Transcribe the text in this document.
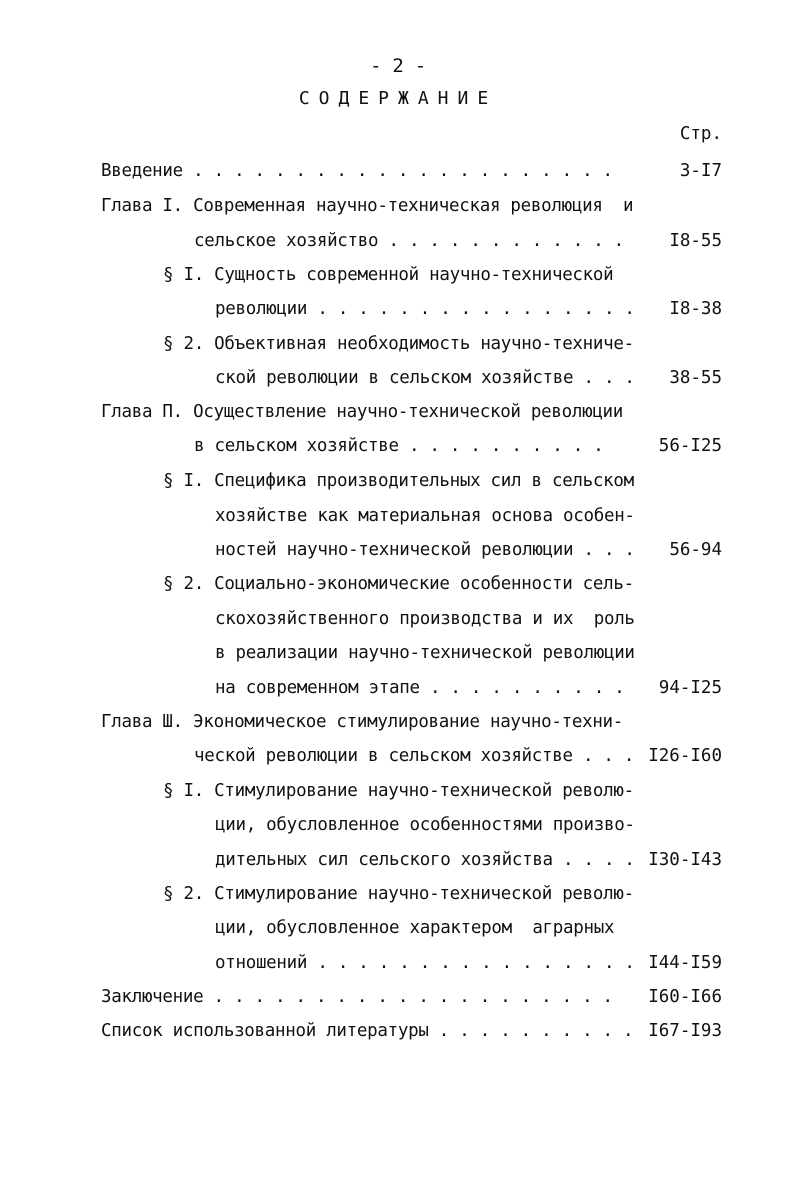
- 2 -
СОДЕРЖАНИЕ
Стр.
Введение . . . . . . . . . . . . . . . . . . . . .	3-I7
Глава I. Современная научно-техническая революция  и
сельское хозяйство . . . . . . . . . . . .	I8-55
§ I. Сущность современной научно-технической
революции . . . . . . . . . . . . . . . . I8-38
§ 2. Объективная необходимость научно-техниче-
ской революции в сельском хозяйстве . . . 38-55
Глава П. Осуществление научно-технической революции
в сельском хозяйстве . . . . . . . . . .	56-I25
§ I. Специфика производительных сил в сельском
хозяйстве как материальная основа особен-
ностей научно-технической революции . . . 56-94
§ 2. Социально-экономические особенности сель-
скохозяйственного производства и их  роль
в реализации научно-технической революции
на современном этапе . . . . . . . . . . 94-I25
Глава Ш. Экономическое стимулирование научно-техни-
ческой революции в сельском хозяйстве . . . I26-I60
§ I. Стимулирование научно-технической револю-
ции, обусловленное особенностями произво-
дительных сил сельского хозяйства . . . . I30-I43
§ 2. Стимулирование научно-технической револю-
ции, обусловленное характером  аграрных
отношений . . . . . . . . . . . . . . . . I44-I59
Заключение . . . . . . . . . . . . . . . . . . . . I60-I66
Список использованной литературы . . . . . . . . . . I67-I93
